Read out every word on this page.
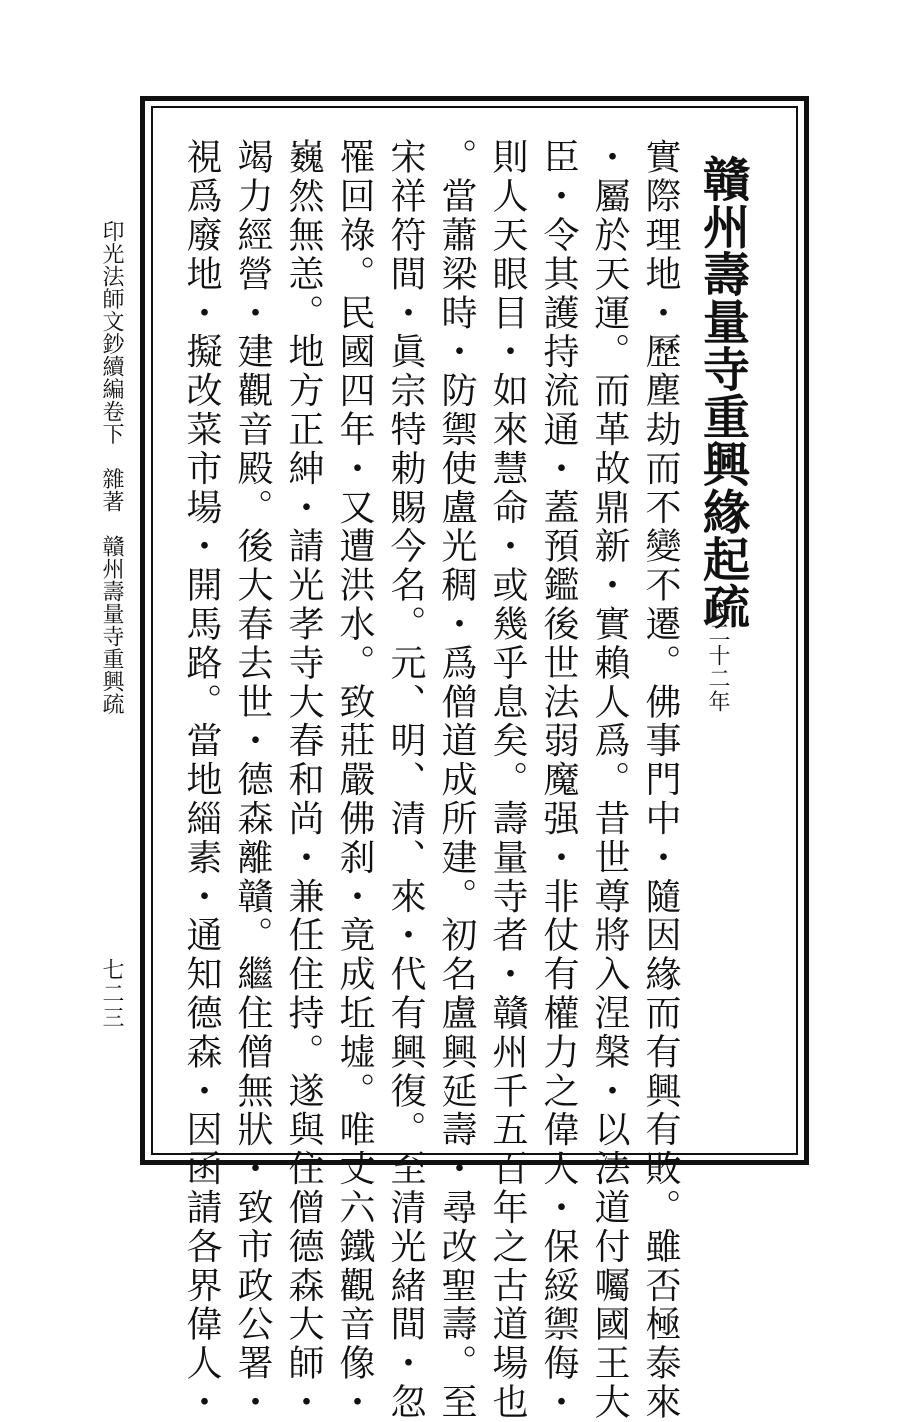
贛州壽量寺重興緣起疏
民二十二年
實際理地・歷塵劫而不變不遷。佛事門中・隨因緣而有興有敗。雖否極泰來
・屬於天運。而革故鼎新・實賴人爲。昔世尊將入涅槃・以法道付囑國王大
臣・令其護持流通・蓋預鑑後世法弱魔强・非仗有權力之偉人・保綏禦侮・
則人天眼目・如來慧命・或幾乎息矣。壽量寺者・贛州千五百年之古道場也
。當蕭梁時・防禦使盧光稠・爲僧道成所建。初名盧興延壽・尋改聖壽。至
宋祥符間・眞宗特勅賜今名。元、明、清、來・代有興復。至清光緒間・忽
罹回祿。民國四年・又遭洪水。致莊嚴佛刹・竟成坵墟。唯丈六鐵觀音像・
巍然無恙。地方正紳・請光孝寺大春和尚・兼任住持。遂與住僧德森大師・
竭力經營・建觀音殿。後大春去世・德森離贛。繼住僧無狀・致市政公署・
視爲廢地・擬改菜市場・開馬路。當地緇素・通知德森・因函請各界偉人・
印光法師文鈔續編卷下　雜著　贛州壽量寺重興疏
七二三
